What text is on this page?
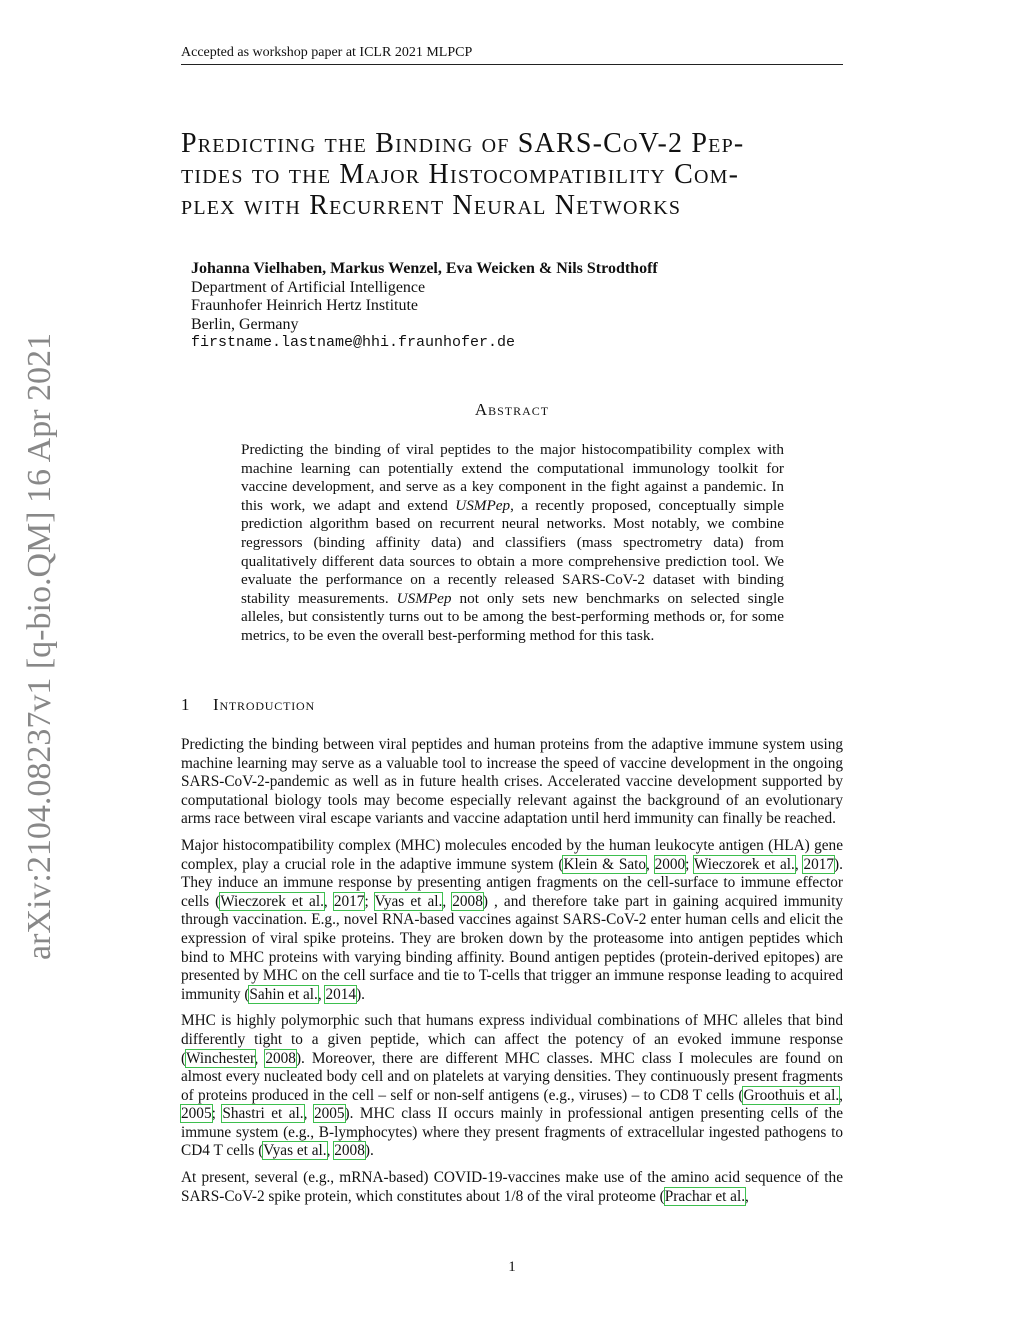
Accepted as workshop paper at ICLR 2021 MLPCP
arXiv:2104.08237v1 [q-bio.QM] 16 Apr 2021
Predicting the Binding of SARS-CoV-2 Pep-
tides to the Major Histocompatibility Com-
plex with Recurrent Neural Networks
Johanna Vielhaben, Markus Wenzel, Eva Weicken & Nils Strodthoff
Department of Artificial Intelligence
Fraunhofer Heinrich Hertz Institute
Berlin, Germany
firstname.lastname@hhi.fraunhofer.de
Abstract
Predicting the binding of viral peptides to the major histocompatibility complex with machine learning can potentially extend the computational immunology toolkit for vaccine development, and serve as a key component in the fight against a pandemic. In this work, we adapt and extend USMPep, a recently proposed, conceptually simple prediction algorithm based on recurrent neural networks. Most notably, we combine regressors (binding affinity data) and classifiers (mass spectrometry data) from qualitatively different data sources to obtain a more comprehensive prediction tool. We evaluate the performance on a recently released SARS-CoV-2 dataset with binding stability measurements. USMPep not only sets new benchmarks on selected single alleles, but consistently turns out to be among the best-performing methods or, for some metrics, to be even the overall best-performing method for this task.
1 Introduction

Predicting the binding between viral peptides and human proteins from the adaptive immune system using machine learning may serve as a valuable tool to increase the speed of vaccine development in the ongoing SARS-CoV-2-pandemic as well as in future health crises. Accelerated vaccine development supported by computational biology tools may become especially relevant against the background of an evolutionary arms race between viral escape variants and vaccine adaptation until herd immunity can finally be reached.

Major histocompatibility complex (MHC) molecules encoded by the human leukocyte antigen (HLA) gene complex, play a crucial role in the adaptive immune system (Klein & Sato, 2000; Wieczorek et al., 2017). They induce an immune response by presenting antigen fragments on the cell-surface to immune effector cells (Wieczorek et al., 2017; Vyas et al., 2008) , and therefore take part in gaining acquired immunity through vaccination. E.g., novel RNA-based vaccines against SARS-CoV-2 enter human cells and elicit the expression of viral spike proteins. They are broken down by the proteasome into antigen peptides which bind to MHC proteins with varying binding affinity. Bound antigen peptides (protein-derived epitopes) are presented by MHC on the cell surface and tie to T-cells that trigger an immune response leading to acquired immunity (Sahin et al., 2014).

MHC is highly polymorphic such that humans express individual combinations of MHC alleles that bind differently tight to a given peptide, which can affect the potency of an evoked immune response (Winchester, 2008). Moreover, there are different MHC classes. MHC class I molecules are found on almost every nucleated body cell and on platelets at varying densities. They continuously present fragments of proteins produced in the cell – self or non-self antigens (e.g., viruses) – to CD8 T cells (Groothuis et al., 2005; Shastri et al., 2005). MHC class II occurs mainly in professional antigen presenting cells of the immune system (e.g., B-lymphocytes) where they present fragments of extracellular ingested pathogens to CD4 T cells (Vyas et al., 2008).

At present, several (e.g., mRNA-based) COVID-19-vaccines make use of the amino acid sequence of the SARS-CoV-2 spike protein, which constitutes about 1/8 of the viral proteome (Prachar et al.,

1
